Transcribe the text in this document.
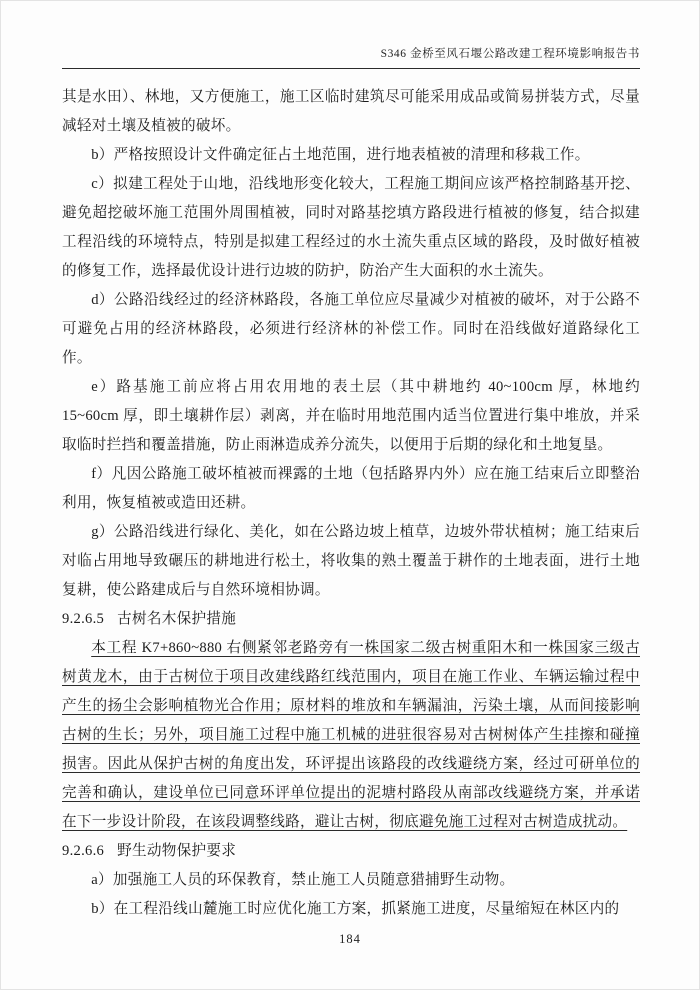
S346 金桥至风石堰公路改建工程环境影响报告书

其是水田）、林地，又方便施工，施工区临时建筑尽可能采用成品或简易拼装方式，尽量减轻对土壤及植被的破坏。

b）严格按照设计文件确定征占土地范围，进行地表植被的清理和移栽工作。

c）拟建工程处于山地，沿线地形变化较大，工程施工期间应该严格控制路基开挖、避免超挖破坏施工范围外周围植被，同时对路基挖填方路段进行植被的修复，结合拟建工程沿线的环境特点，特别是拟建工程经过的水土流失重点区域的路段，及时做好植被的修复工作，选择最优设计进行边坡的防护，防治产生大面积的水土流失。

d）公路沿线经过的经济林路段，各施工单位应尽量减少对植被的破坏，对于公路不可避免占用的经济林路段，必须进行经济林的补偿工作。同时在沿线做好道路绿化工作。

e）路基施工前应将占用农用地的表土层（其中耕地约 40~100cm 厚，林地约 15~60cm 厚，即土壤耕作层）剥离，并在临时用地范围内适当位置进行集中堆放，并采取临时拦挡和覆盖措施，防止雨淋造成养分流失，以便用于后期的绿化和土地复垦。

f）凡因公路施工破坏植被而裸露的土地（包括路界内外）应在施工结束后立即整治利用，恢复植被或造田还耕。

g）公路沿线进行绿化、美化，如在公路边坡上植草，边坡外带状植树；施工结束后对临占用地导致碾压的耕地进行松土，将收集的熟土覆盖于耕作的土地表面，进行土地复耕，使公路建成后与自然环境相协调。

9.2.6.5 古树名木保护措施

本工程 K7+860~880 右侧紧邻老路旁有一株国家二级古树重阳木和一株国家三级古树黄龙木，由于古树位于项目改建线路红线范围内，项目在施工作业、车辆运输过程中产生的扬尘会影响植物光合作用；原材料的堆放和车辆漏油，污染土壤，从而间接影响古树的生长；另外，项目施工过程中施工机械的进驻很容易对古树树体产生挂擦和碰撞损害。因此从保护古树的角度出发，环评提出该路段的改线避绕方案，经过可研单位的完善和确认，建设单位已同意环评单位提出的泥塘村路段从南部改线避绕方案，并承诺在下一步设计阶段，在该段调整线路，避让古树，彻底避免施工过程对古树造成扰动。

9.2.6.6 野生动物保护要求

a）加强施工人员的环保教育，禁止施工人员随意猎捕野生动物。

b）在工程沿线山麓施工时应优化施工方案，抓紧施工进度，尽量缩短在林区内的

184
